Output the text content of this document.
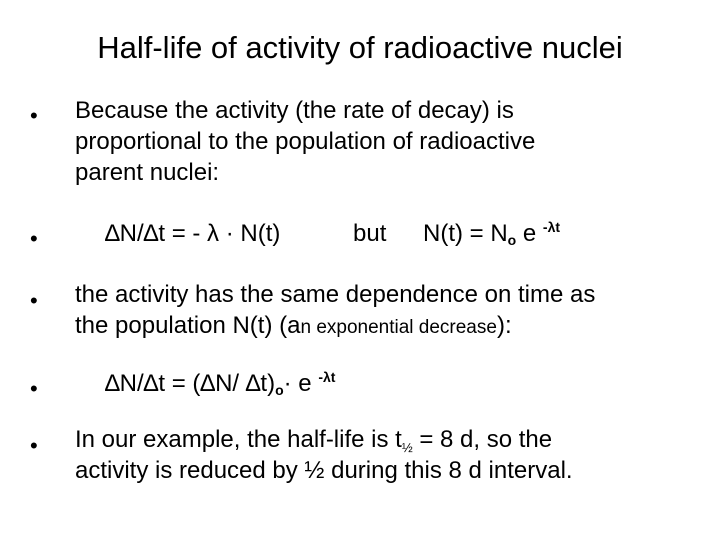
Half-life of activity of radioactive nuclei
• Because the activity (the rate of decay) is
proportional to the population of radioactive
parent nuclei:
•	∆N/∆t = - λ · N(t)	but $N(t) = N_o$ e $^{-\lambda t}$
• the activity has the same dependence on time as
the population N(t) (an exponential decrease):
•	∆N/∆t = (∆N/ $\Delta t)_o\cdot e$ $^{-\lambda t}$
• In our example, the half-life is $t_{\frac{1}{2}} = 8$ d, so the
activity is reduced by ½ during this 8 d interval.
